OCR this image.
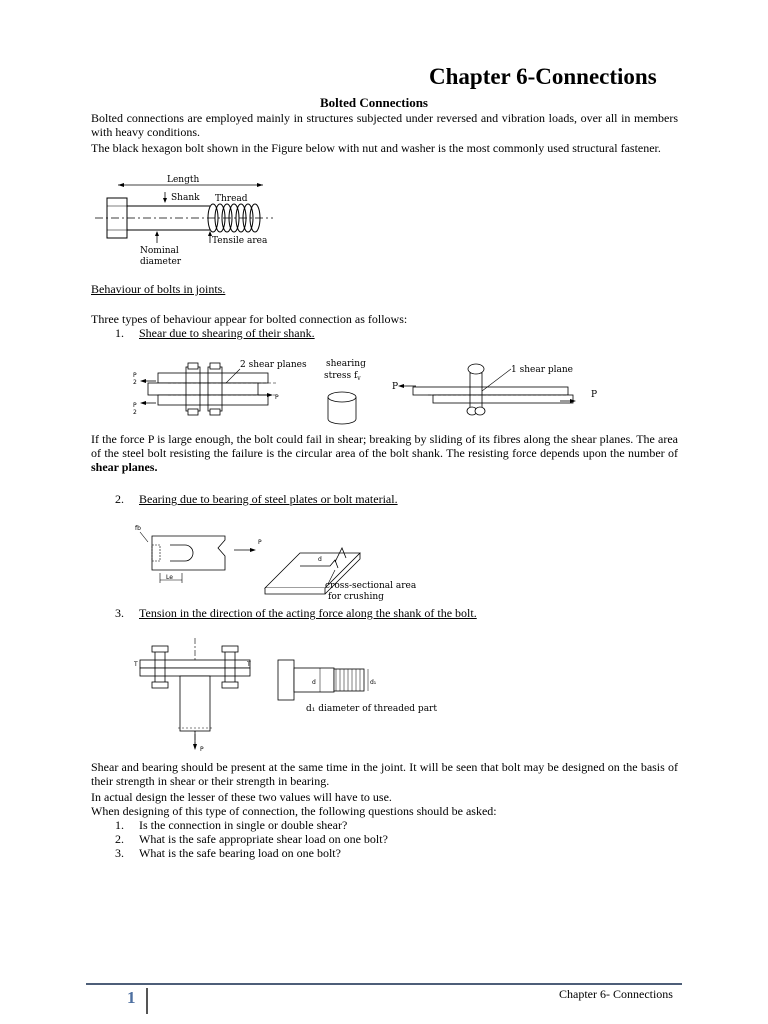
Chapter 6-Connections
Bolted Connections
Bolted connections are employed mainly in structures subjected under reversed and vibration loads, over all in members with heavy conditions.
The black hexagon bolt shown in the Figure below with nut and washer is the most commonly used structural fastener.
Length
Shank Thread
Tensile area
Nominal
diameter
Behaviour of bolts in joints.
Three types of behaviour appear for bolted connection as follows:
1. Shear due to shearing of their shank.
P
2
P
2
P
2 shear planes shearing
stress $f_v$
P
P
1 shear plane
If the force P is large enough, the bolt could fail in shear; breaking by sliding of its fibres along the shear planes. The area of the steel bolt resisting the failure is the circular area of the bolt shank. The resisting force depends upon the number of shear planes.
2. Bearing due to bearing of steel plates or bolt material.
fb
Le
P
d
cross-sectional area
for crushing
3. Tension in the direction of the acting force along the shank of the bolt.
T	T
P
d	d₁
d₁ diameter of threaded part
Shear and bearing should be present at the same time in the joint. It will be seen that bolt may be designed on the basis of their strength in shear or their strength in bearing.
In actual design the lesser of these two values will have to use.
When designing of this type of connection, the following questions should be asked:
1. Is the connection in single or double shear?
2. What is the safe appropriate shear load on one bolt?
3. What is the safe bearing load on one bolt?
1	Chapter 6- Connections
